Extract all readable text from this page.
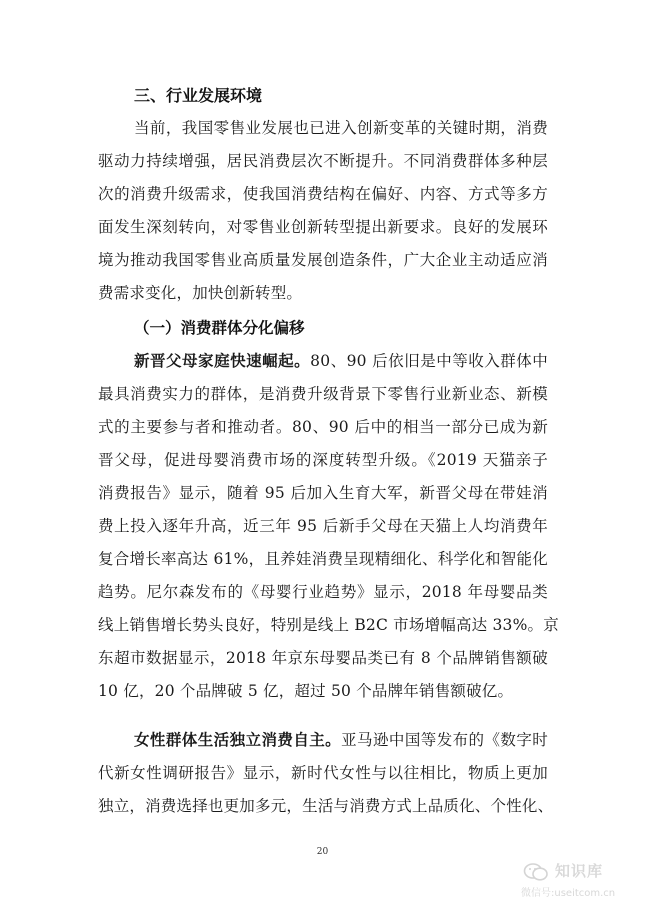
三、行业发展环境
当前，我国零售业发展也已进入创新变革的关键时期，消费
驱动力持续增强，居民消费层次不断提升。不同消费群体多种层
次的消费升级需求，使我国消费结构在偏好、内容、方式等多方
面发生深刻转向，对零售业创新转型提出新要求。良好的发展环
境为推动我国零售业高质量发展创造条件，广大企业主动适应消
费需求变化，加快创新转型。
（一）消费群体分化偏移
新晋父母家庭快速崛起。80、90 后依旧是中等收入群体中
最具消费实力的群体，是消费升级背景下零售行业新业态、新模
式的主要参与者和推动者。80、90 后中的相当一部分已成为新
晋父母，促进母婴消费市场的深度转型升级。《2019 天猫亲子
消费报告》显示，随着 95 后加入生育大军，新晋父母在带娃消
费上投入逐年升高，近三年 95 后新手父母在天猫上人均消费年
复合增长率高达 61%，且养娃消费呈现精细化、科学化和智能化
趋势。尼尔森发布的《母婴行业趋势》显示，2018 年母婴品类
线上销售增长势头良好，特别是线上 B2C 市场增幅高达 33%。京
东超市数据显示，2018 年京东母婴品类已有 8 个品牌销售额破
10 亿，20 个品牌破 5 亿，超过 50 个品牌年销售额破亿。
女性群体生活独立消费自主。亚马逊中国等发布的《数字时
代新女性调研报告》显示，新时代女性与以往相比，物质上更加
独立，消费选择也更加多元，生活与消费方式上品质化、个性化、
20
知识库
微信号:useitcom.cn
